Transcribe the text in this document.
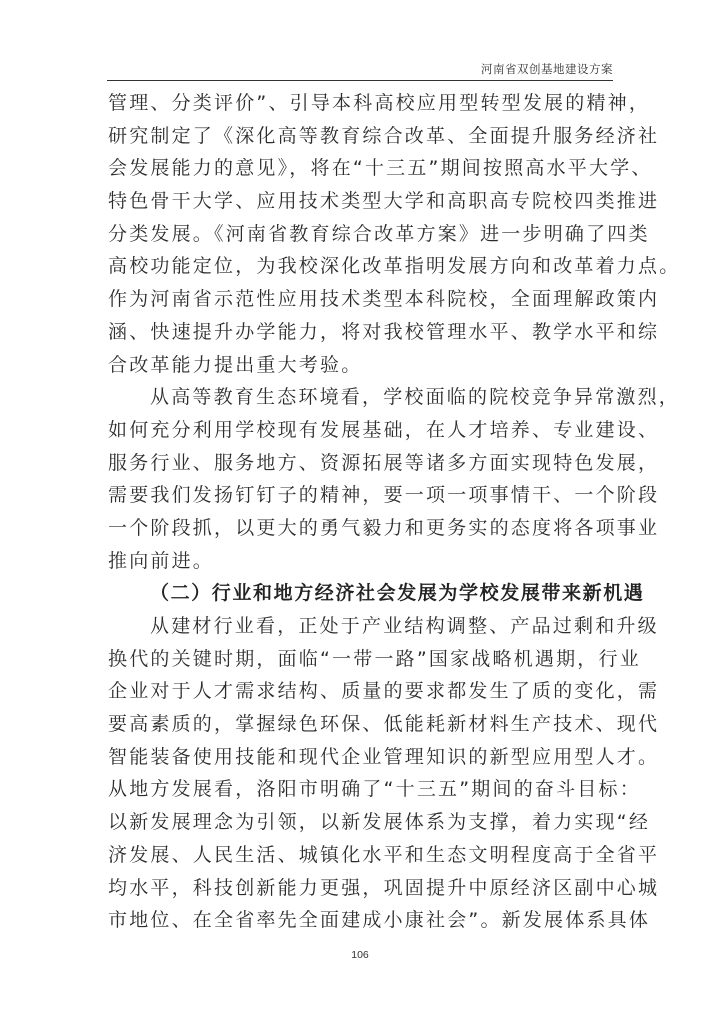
河南省双创基地建设方案
管理、分类评价”、引导本科高校应用型转型发展的精神，
研究制定了《深化高等教育综合改革、全面提升服务经济社
会发展能力的意见》，将在“十三五”期间按照高水平大学、
特色骨干大学、应用技术类型大学和高职高专院校四类推进
分类发展。《河南省教育综合改革方案》进一步明确了四类
高校功能定位，为我校深化改革指明发展方向和改革着力点。
作为河南省示范性应用技术类型本科院校，全面理解政策内
涵、快速提升办学能力，将对我校管理水平、教学水平和综
合改革能力提出重大考验。
从高等教育生态环境看，学校面临的院校竞争异常激烈，
如何充分利用学校现有发展基础，在人才培养、专业建设、
服务行业、服务地方、资源拓展等诸多方面实现特色发展，
需要我们发扬钉钉子的精神，要一项一项事情干、一个阶段
一个阶段抓，以更大的勇气毅力和更务实的态度将各项事业
推向前进。
（二）行业和地方经济社会发展为学校发展带来新机遇
从建材行业看，正处于产业结构调整、产品过剩和升级
换代的关键时期，面临“一带一路”国家战略机遇期，行业
企业对于人才需求结构、质量的要求都发生了质的变化，需
要高素质的，掌握绿色环保、低能耗新材料生产技术、现代
智能装备使用技能和现代企业管理知识的新型应用型人才。
从地方发展看，洛阳市明确了“十三五”期间的奋斗目标：
以新发展理念为引领，以新发展体系为支撑，着力实现“经
济发展、人民生活、城镇化水平和生态文明程度高于全省平
均水平，科技创新能力更强，巩固提升中原经济区副中心城
市地位、在全省率先全面建成小康社会”。新发展体系具体
106
